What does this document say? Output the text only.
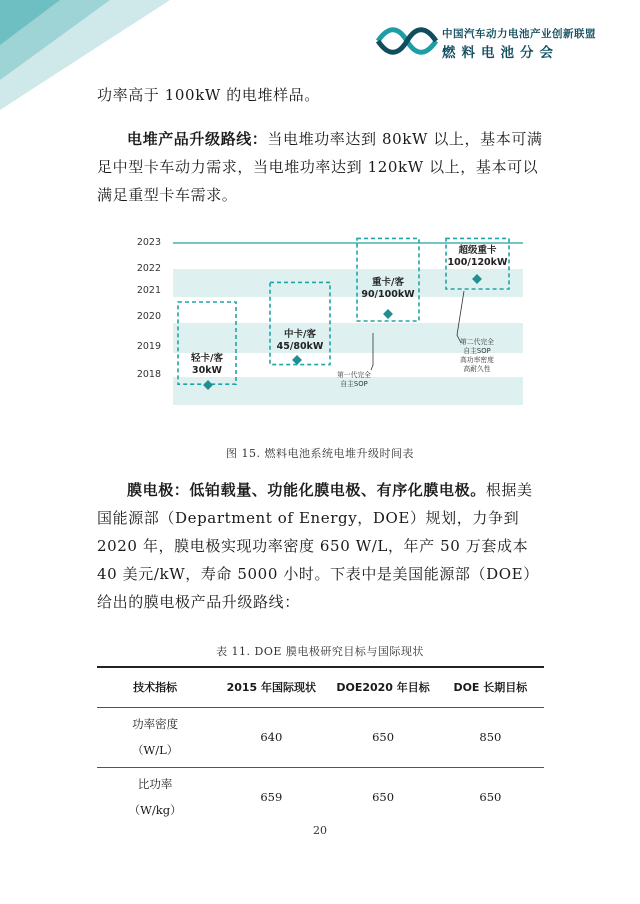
中国汽车动力电池产业创新联盟
燃料电池分会
功率高于 100kW 的电堆样品。
电堆产品升级路线：当电堆功率达到 80kW 以上，基本可满足中型卡车动力需求，当电堆功率达到 120kW 以上，基本可以满足重型卡车需求。
2023
2022
2021
2020
2019
2018
轻卡/客
30kW
中卡/客
45/80kW
重卡/客
90/100kW
超级重卡
100/120kW
第一代完全
自主SOP
第二代完全
自主SOP
高功率密度
高耐久性
图 15. 燃料电池系统电堆升级时间表
膜电极：低铂载量、功能化膜电极、有序化膜电极。根据美国能源部（Department of Energy，DOE）规划，力争到 2020 年，膜电极实现功率密度 650 W/L，年产 50 万套成本 40 美元/kW，寿命 5000 小时。下表中是美国能源部（DOE）给出的膜电极产品升级路线：
表 11. DOE 膜电极研究目标与国际现状
技术指标	2015 年国际现状	DOE2020 年目标	DOE 长期目标

功率密度
（W/L）	640	650	850

比功率
（W/kg）	659	650	650
20
